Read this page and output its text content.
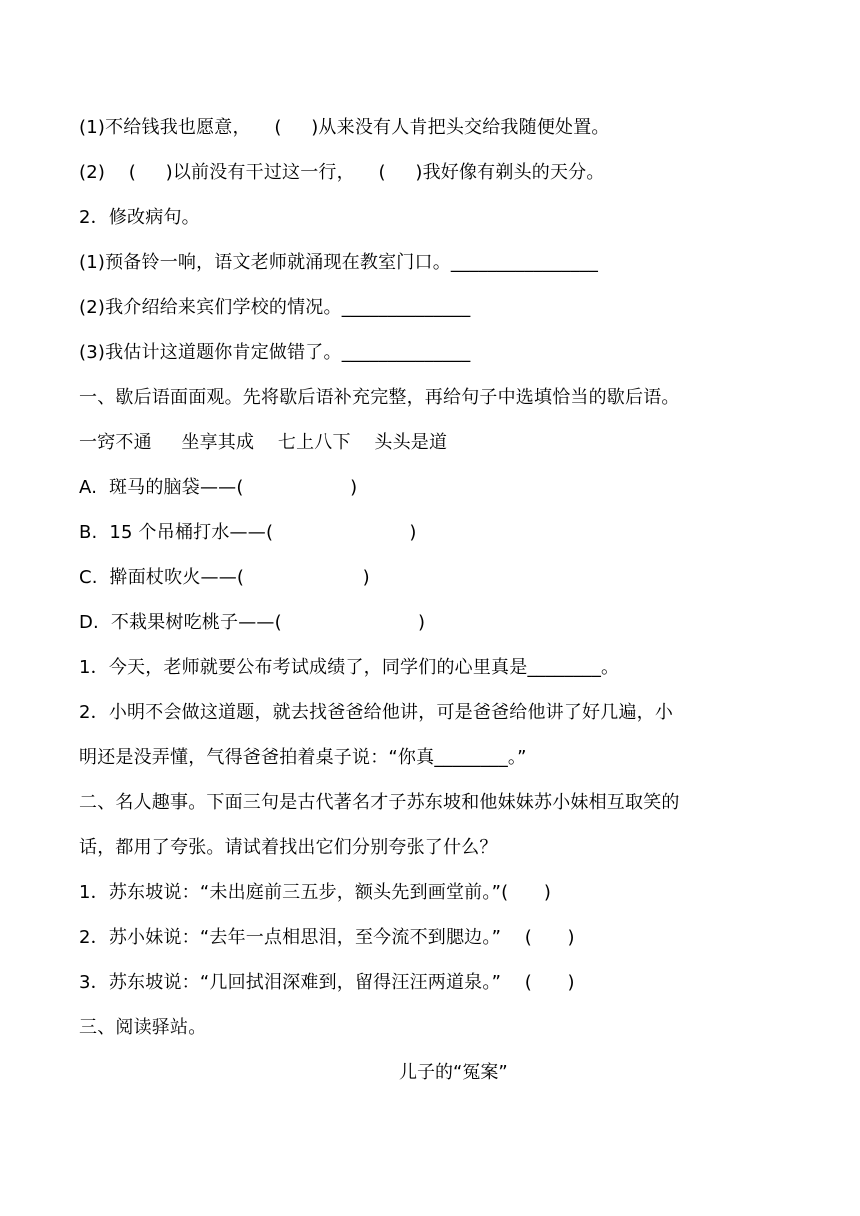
(1)不给钱我也愿意，    (     )从来没有人肯把头交给我随便处置。
(2)    (     )以前没有干过这一行，    (     )我好像有剃头的天分。
2．修改病句。
(1)预备铃一响，语文老师就涌现在教室门口。________________
(2)我介绍给来宾们学校的情况。______________
(3)我估计这道题你肯定做错了。______________
一、歇后语面面观。先将歇后语补充完整，再给句子中选填恰当的歇后语。
一窍不通     坐享其成    七上八下    头头是道
A.  斑马的脑袋——(                  )
B.  15 个吊桶打水——(                       )
C.  擀面杖吹火——(                    )
D.  不栽果树吃桃子——(                       )
1．今天，老师就要公布考试成绩了，同学们的心里真是________。
2．小明不会做这道题，就去找爸爸给他讲，可是爸爸给他讲了好几遍，小
明还是没弄懂，气得爸爸拍着桌子说：“你真________。”
二、名人趣事。下面三句是古代著名才子苏东坡和他妹妹苏小妹相互取笑的
话，都用了夸张。请试着找出它们分别夸张了什么？
1．苏东坡说：“未出庭前三五步，额头先到画堂前。”(      )
2．苏小妹说：“去年一点相思泪，至今流不到腮边。”    (      )
3．苏东坡说：“几回拭泪深难到，留得汪汪两道泉。”    (      )
三、阅读驿站。
儿子的“冤案”
